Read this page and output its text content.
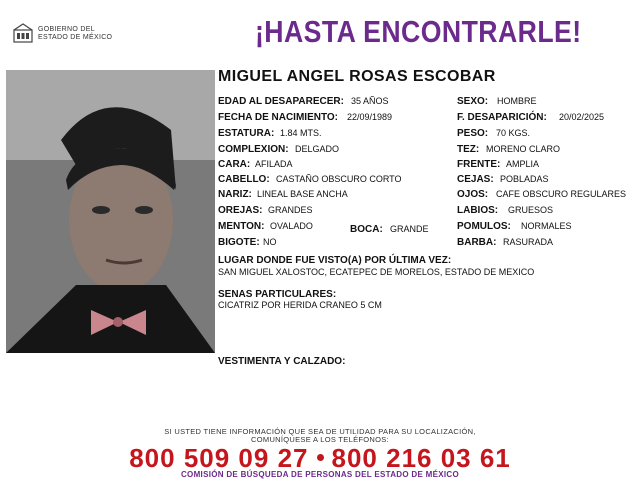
GOBIERNO DEL
ESTADO DE MÉXICO	¡HASTA ENCONTRARLE!
MIGUEL ANGEL ROSAS ESCOBAR
EDAD AL DESAPARECER: 35 AÑOS
FECHA DE NACIMIENTO: 22/09/1989
ESTATURA: 1.84 MTS.
COMPLEXION: DELGADO
CARA: AFILADA
CABELLO: CASTAÑO OBSCURO CORTO
NARIZ: LINEAL BASE ANCHA
OREJAS: GRANDES
MENTON: OVALADO
BIGOTE: NO
BOCA: GRANDE
SEXO: HOMBRE
F. DESAPARICIÓN: 20/02/2025
PESO: 70 KGS.
TEZ: MORENO CLARO
FRENTE: AMPLIA
CEJAS: POBLADAS
OJOS: CAFE OBSCURO REGULARES
LABIOS: GRUESOS
POMULOS: NORMALES
BARBA: RASURADA
LUGAR DONDE FUE VISTO(A) POR ÚLTIMA VEZ:
SAN MIGUEL XALOSTOC, ECATEPEC DE MORELOS, ESTADO DE MEXICO
SENAS PARTICULARES:
CICATRIZ POR HERIDA CRANEO 5 CM
VESTIMENTA Y CALZADO:
SI USTED TIENE INFORMACIÓN QUE SEA DE UTILIDAD PARA SU LOCALIZACIÓN,
COMUNÍQUESE A LOS TELÉFONOS:
800 509 09 27 800 216 03 61
COMISIÓN DE BÚSQUEDA DE PERSONAS DEL ESTADO DE MÉXICO
